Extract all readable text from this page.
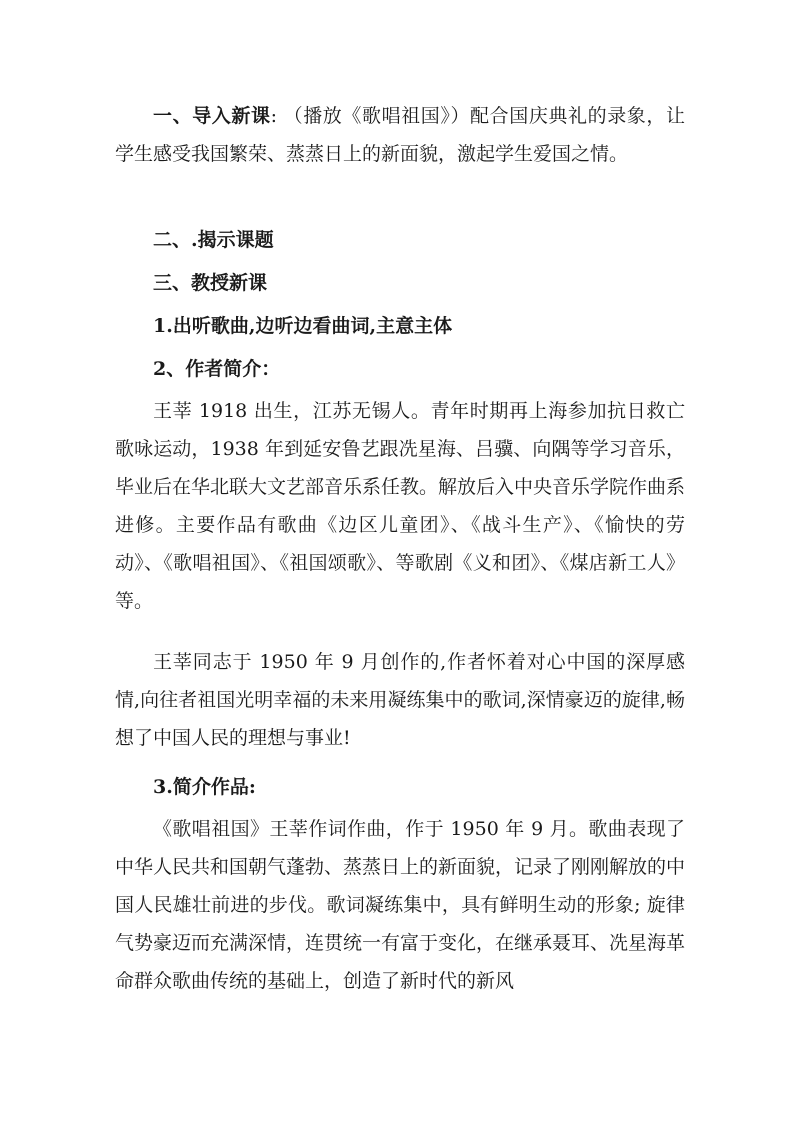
一、导入新课: （播放《歌唱祖国》）配合国庆典礼的录象，让学生感受我国繁荣、蒸蒸日上的新面貌，激起学生爱国之情。

二、.揭示课题

三、教授新课

1.出听歌曲,边听边看曲词,主意主体

2、作者简介：

王莘 1918 出生，江苏无锡人。青年时期再上海参加抗日救亡歌咏运动，1938 年到延安鲁艺跟冼星海、吕骥、向隅等学习音乐，毕业后在华北联大文艺部音乐系任教。解放后入中央音乐学院作曲系进修。主要作品有歌曲《边区儿童团》、《战斗生产》、《愉快的劳动》、《歌唱祖国》、《祖国颂歌》、等歌剧《义和团》、《煤店新工人》等。

王莘同志于 1950 年 9 月创作的,作者怀着对心中国的深厚感情,向往者祖国光明幸福的未来用凝练集中的歌词,深情豪迈的旋律,畅想了中国人民的理想与事业!

3.简介作品:

《歌唱祖国》王莘作词作曲，作于 1950 年 9 月。歌曲表现了中华人民共和国朝气蓬勃、蒸蒸日上的新面貌，记录了刚刚解放的中国人民雄壮前进的步伐。歌词凝练集中，具有鲜明生动的形象; 旋律气势豪迈而充满深情，连贯统一有富于变化，在继承聂耳、冼星海革命群众歌曲传统的基础上，创造了新时代的新风
